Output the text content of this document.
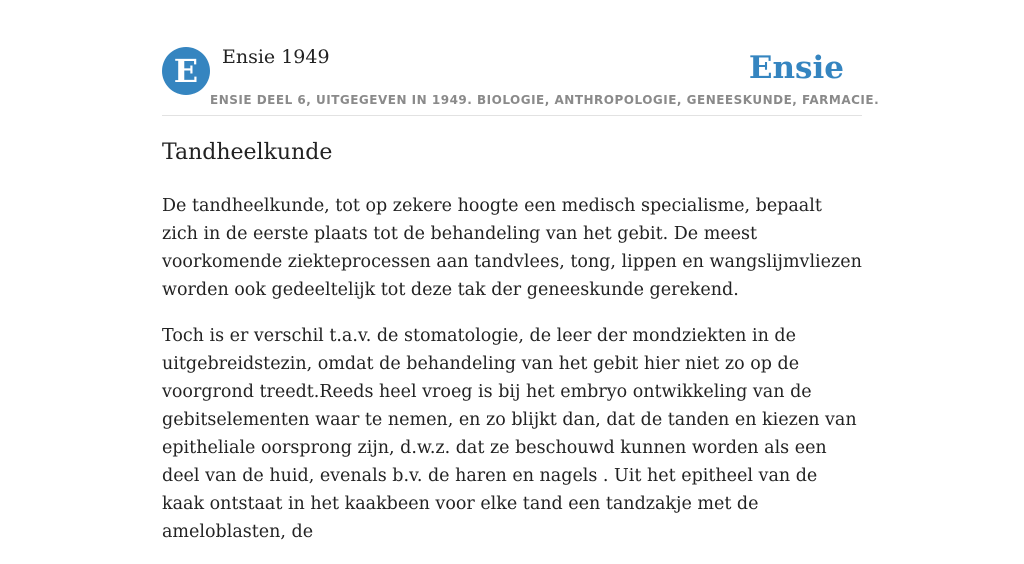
E	Ensie 1949	Ensie
ENSIE DEEL 6, UITGEGEVEN IN 1949. BIOLOGIE, ANTHROPOLOGIE, GENEESKUNDE, FARMACIE.
Tandheelkunde

De tandheelkunde, tot op zekere hoogte een medisch specialisme, bepaalt zich in de eerste plaats tot de behandeling van het gebit. De meest voorkomende ziekteprocessen aan tandvlees, tong, lippen en wangslijmvliezen worden ook gedeeltelijk tot deze tak der geneeskunde gerekend.

Toch is er verschil t.a.v. de stomatologie, de leer der mondziekten in de uitgebreidstezin, omdat de behandeling van het gebit hier niet zo op de voorgrond treedt.Reeds heel vroeg is bij het embryo ontwikkeling van de gebitselementen waar te nemen, en zo blijkt dan, dat de tanden en kiezen van epitheliale oorsprong zijn, d.w.z. dat ze beschouwd kunnen worden als een deel van de huid, evenals b.v. de haren en nagels . Uit het epitheel van de kaak ontstaat in het kaakbeen voor elke tand een tandzakje met de ameloblasten, de
